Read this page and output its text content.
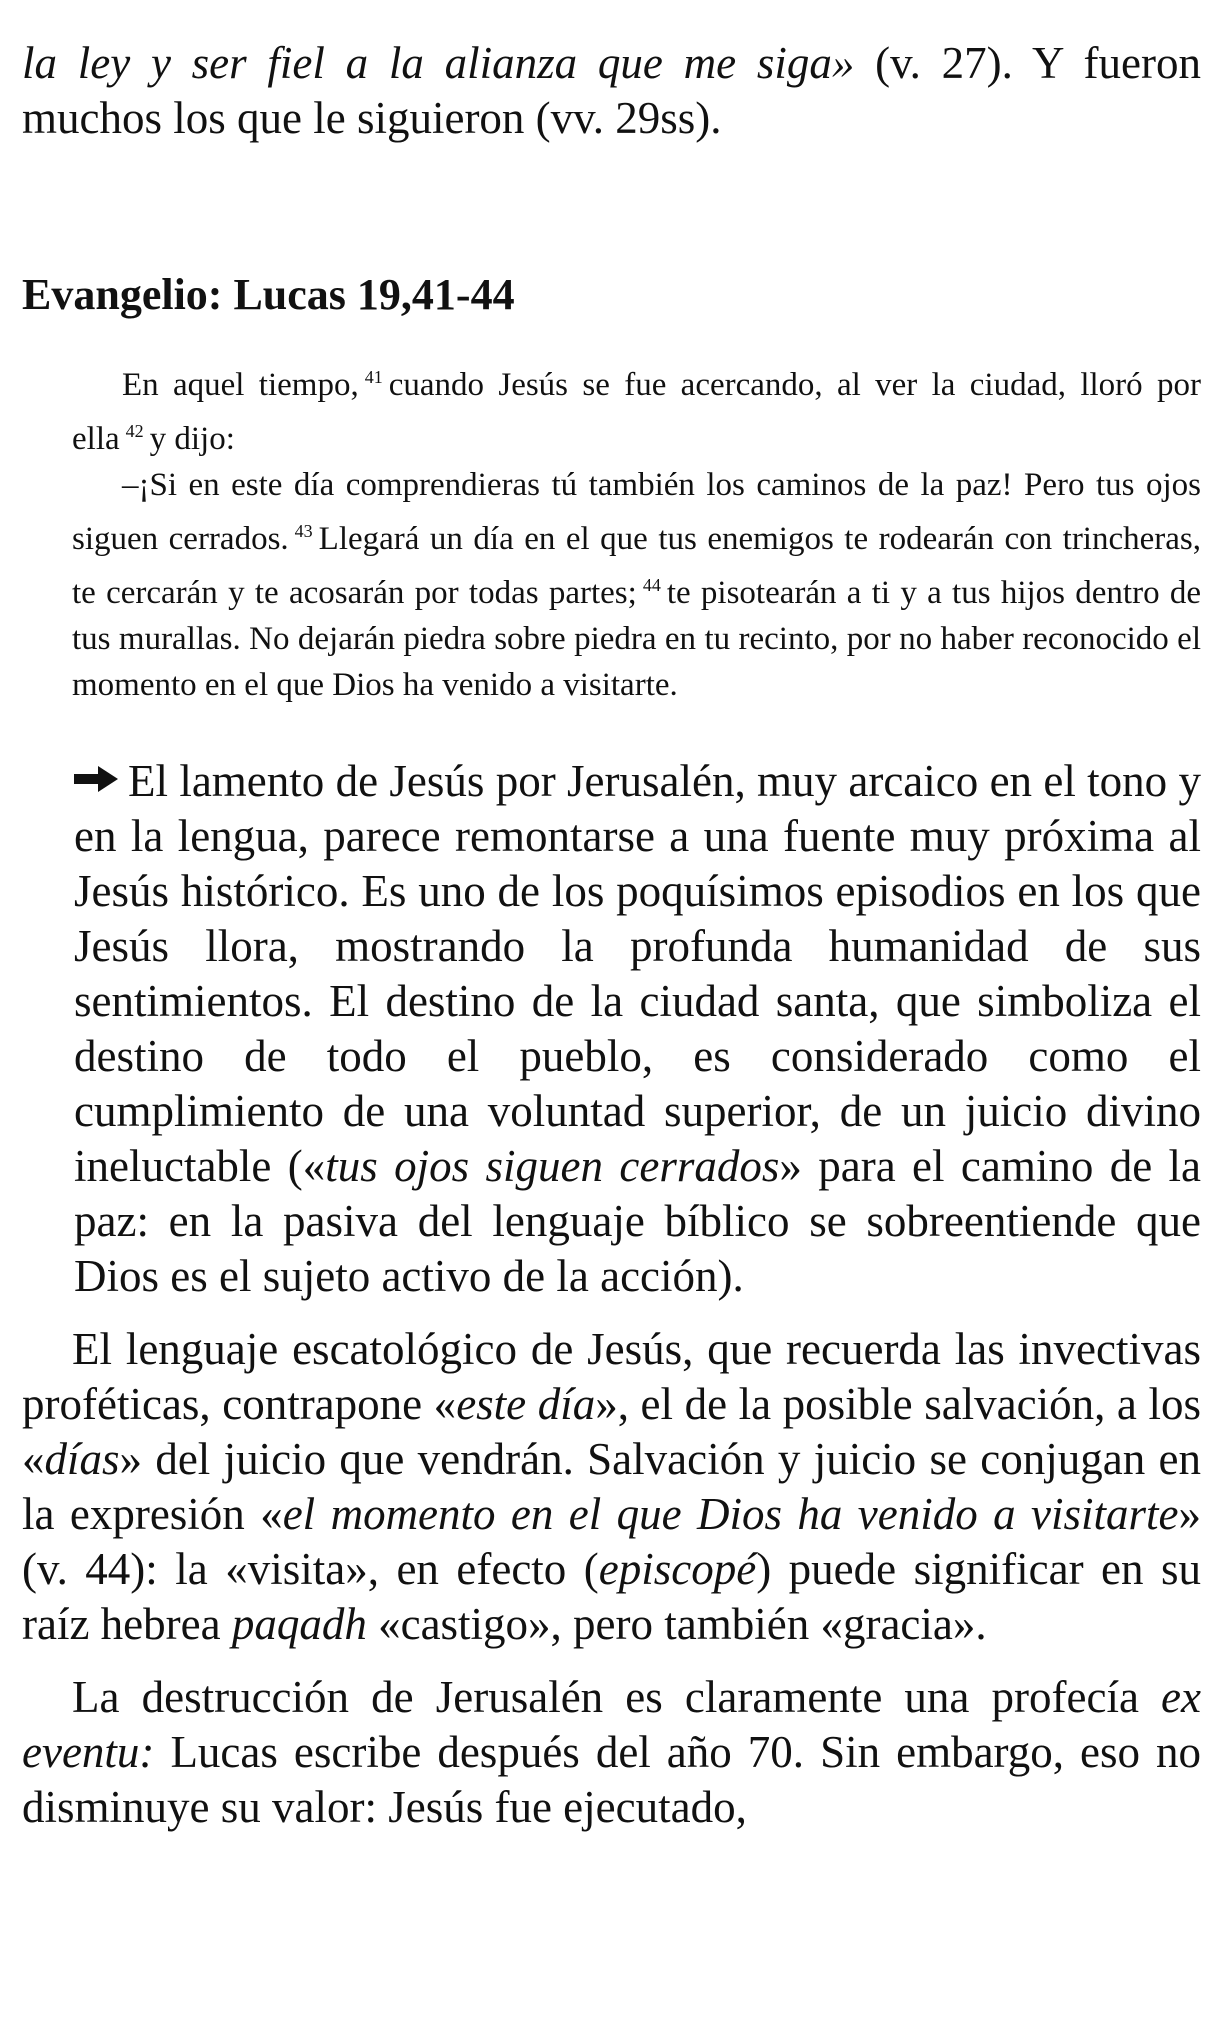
la ley y ser fiel a la alianza que me siga» (v. 27). Y fueron muchos los que le siguieron (vv. 29ss).

Evangelio: Lucas 19,41-44

En aquel tiempo, $^{41}$ cuando Jesús se fue acercando, al ver la ciudad, lloró por ella $^{42}$ y dijo:

–¡Si en este día comprendieras tú también los caminos de la paz! Pero tus ojos siguen cerrados. $^{43}$ Llegará un día en el que tus enemigos te rodearán con trincheras, te cercarán y te acosarán por todas partes; $^{44}$ te pisotearán a ti y a tus hijos dentro de tus murallas. No dejarán piedra sobre piedra en tu recinto, por no haber reconocido el momento en el que Dios ha venido a visitarte.

El lamento de Jesús por Jerusalén, muy arcaico en el tono y en la lengua, parece remontarse a una fuente muy próxima al Jesús histórico. Es uno de los poquísimos episodios en los que Jesús llora, mostrando la profunda humanidad de sus sentimientos. El destino de la ciudad santa, que simboliza el destino de todo el pueblo, es considerado como el cumplimiento de una voluntad superior, de un juicio divino ineluctable («tus ojos siguen cerrados» para el camino de la paz: en la pasiva del lenguaje bíblico se sobreentiende que Dios es el sujeto activo de la acción).

El lenguaje escatológico de Jesús, que recuerda las invectivas proféticas, contrapone «este día», el de la posible salvación, a los «días» del juicio que vendrán. Salvación y juicio se conjugan en la expresión «el momento en el que Dios ha venido a visitarte» (v. 44): la «visita», en efecto (episcopé) puede significar en su raíz hebrea paqadh «castigo», pero también «gracia».

La destrucción de Jerusalén es claramente una profecía ex eventu: Lucas escribe después del año 70. Sin embargo, eso no disminuye su valor: Jesús fue ejecutado,
